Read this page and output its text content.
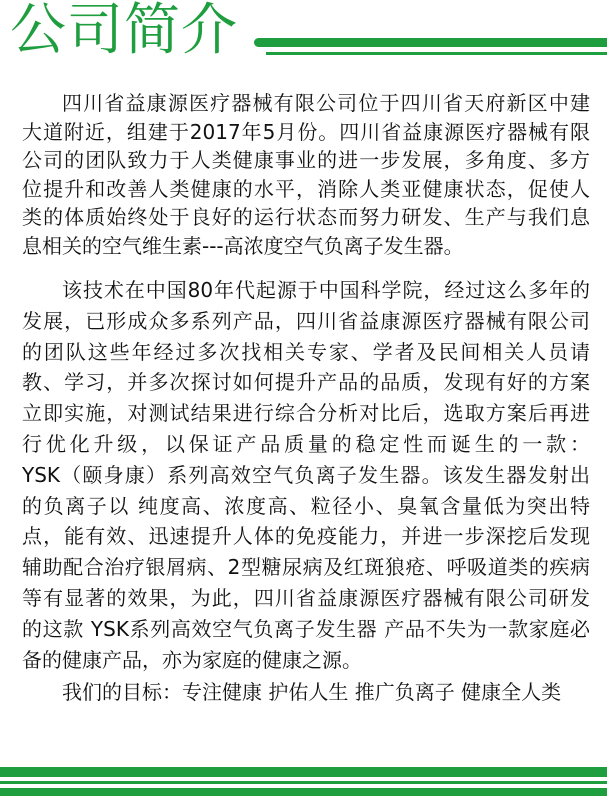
公司简介
四川省益康源医疗器械有限公司位于四川省天府新区中建
大道附近，组建于2017年5月份。四川省益康源医疗器械有限
公司的团队致力于人类健康事业的进一步发展，多角度、多方
位提升和改善人类健康的水平，消除人类亚健康状态，促使人
类的体质始终处于良好的运行状态而努力研发、生产与我们息
息相关的空气维生素---高浓度空气负离子发生器。
该技术在中国80年代起源于中国科学院，经过这么多年的
发展，已形成众多系列产品，四川省益康源医疗器械有限公司
的团队这些年经过多次找相关专家、学者及民间相关人员请
教、学习，并多次探讨如何提升产品的品质，发现有好的方案
立即实施，对测试结果进行综合分析对比后，选取方案后再进
行优化升级，以保证产品质量的稳定性而诞生的一款：
YSK（颐身康）系列高效空气负离子发生器。该发生器发射出
的负离子以 纯度高、浓度高、粒径小、臭氧含量低为突出特
点，能有效、迅速提升人体的免疫能力，并进一步深挖后发现
辅助配合治疗银屑病、2型糖尿病及红斑狼疮、呼吸道类的疾病
等有显著的效果，为此，四川省益康源医疗器械有限公司研发
的这款 YSK系列高效空气负离子发生器 产品不失为一款家庭必
备的健康产品，亦为家庭的健康之源。
我们的目标：专注健康 护佑人生 推广负离子 健康全人类
